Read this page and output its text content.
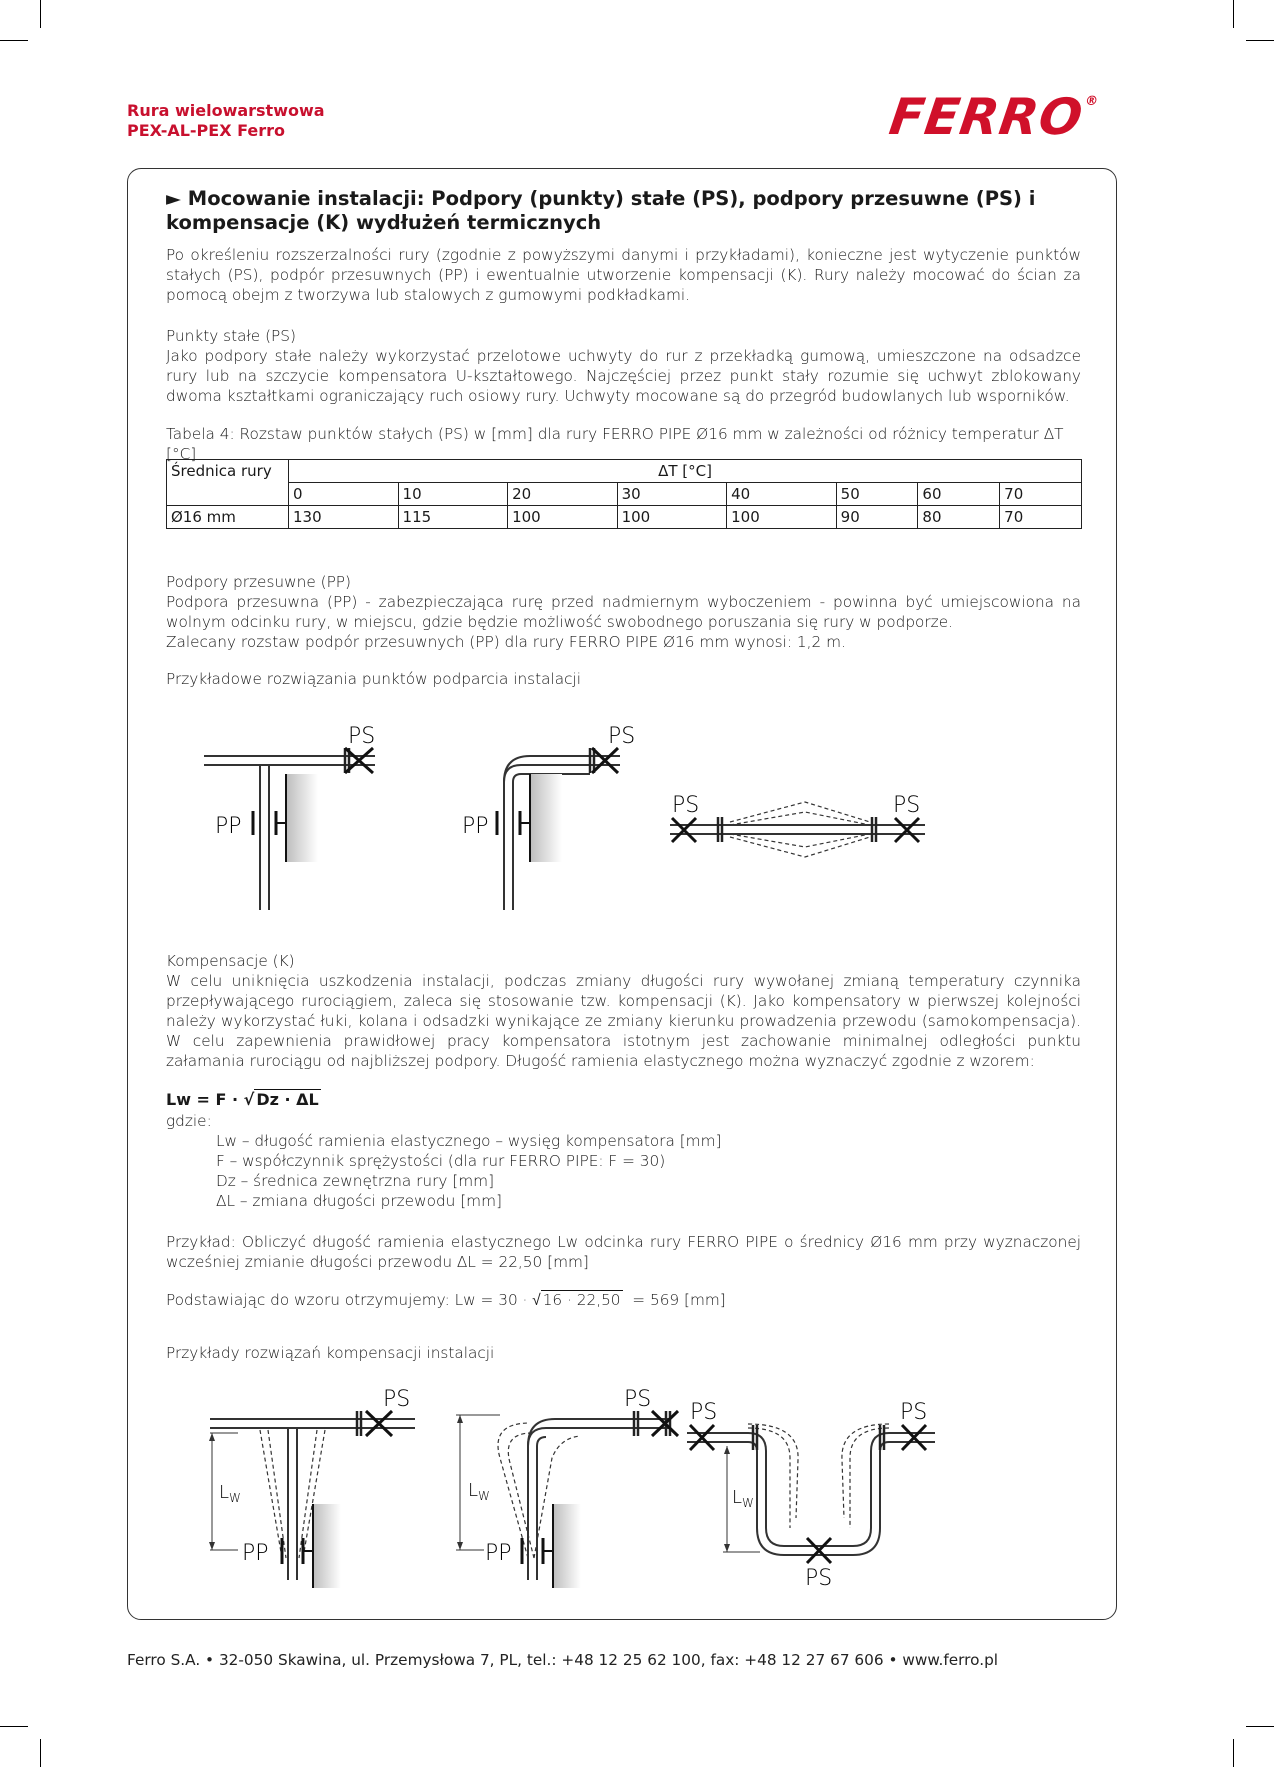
Rura wielowarstwowa
PEX-AL-PEX Ferro	FERRO®
► Mocowanie instalacji: Podpory (punkty) stałe (PS), podpory przesuwne (PS) i kompensacje (K) wydłużeń termicznych
Po określeniu rozszerzalności rury (zgodnie z powyższymi danymi i przykładami), konieczne jest wytyczenie punktów stałych (PS), podpór przesuwnych (PP) i ewentualnie utworzenie kompensacji (K). Rury należy mocować do ścian za pomocą obejm z tworzywa lub stalowych z gumowymi podkładkami.
Punkty stałe (PS)
Jako podpory stałe należy wykorzystać przelotowe uchwyty do rur z przekładką gumową, umieszczone na odsadzce rury lub na szczycie kompensatora U-kształtowego. Najczęściej przez punkt stały rozumie się uchwyt zblokowany dwoma kształtkami ograniczający ruch osiowy rury. Uchwyty mocowane są do przegród budowlanych lub wsporników.
Tabela 4: Rozstaw punktów stałych (PS) w [mm] dla rury FERRO PIPE Ø16 mm w zależności od różnicy temperatur ΔT [°C]
Średnica rury	ΔT [°C]							
	0	10	20	30	40	50	60	70
Ø16 mm	130	115	100	100	100	90	80	70
Podpory przesuwne (PP)
Podpora przesuwna (PP) - zabezpieczająca rurę przed nadmiernym wyboczeniem - powinna być umiejscowiona na wolnym odcinku rury, w miejscu, gdzie będzie możliwość swobodnego poruszania się rury w podporze.
Zalecany rozstaw podpór przesuwnych (PP) dla rury FERRO PIPE Ø16 mm wynosi: 1,2 m.
Przykładowe rozwiązania punktów podparcia instalacji
PS
PP
PS
PP
PS	PS
Kompensacje (K)
W celu uniknięcia uszkodzenia instalacji, podczas zmiany długości rury wywołanej zmianą temperatury czynnika przepływającego rurociągiem, zaleca się stosowanie tzw. kompensacji (K). Jako kompensatory w pierwszej kolejności należy wykorzystać łuki, kolana i odsadzki wynikające ze zmiany kierunku prowadzenia przewodu (samokompensacja). W celu zapewnienia prawidłowej pracy kompensatora istotnym jest zachowanie minimalnej odległości punktu załamania rurociągu od najbliższej podpory. Długość ramienia elastycznego można wyznaczyć zgodnie z wzorem:
Lw = F · √ Dz · ΔL
gdzie:
Lw – długość ramienia elastycznego – wysięg kompensatora [mm]
F – współczynnik sprężystości (dla rur FERRO PIPE: F = 30)
Dz – średnica zewnętrzna rury [mm]
ΔL – zmiana długości przewodu [mm]
Przykład: Obliczyć długość ramienia elastycznego Lw odcinka rury FERRO PIPE o średnicy Ø16 mm przy wyznaczonej wcześniej zmianie długości przewodu ΔL = 22,50 [mm]
Podstawiając do wzoru otrzymujemy: Lw = 30 · √ 16 · 22,50 = 569 [mm]
Przykłady rozwiązań kompensacji instalacji
PS
$L_W$
PP
PS
$L_W$
PP
PS	PS
PS
$L_W$
Ferro S.A. • 32-050 Skawina, ul. Przemysłowa 7, PL, tel.: +48 12 25 62 100, fax: +48 12 27 67 606 • www.ferro.pl
